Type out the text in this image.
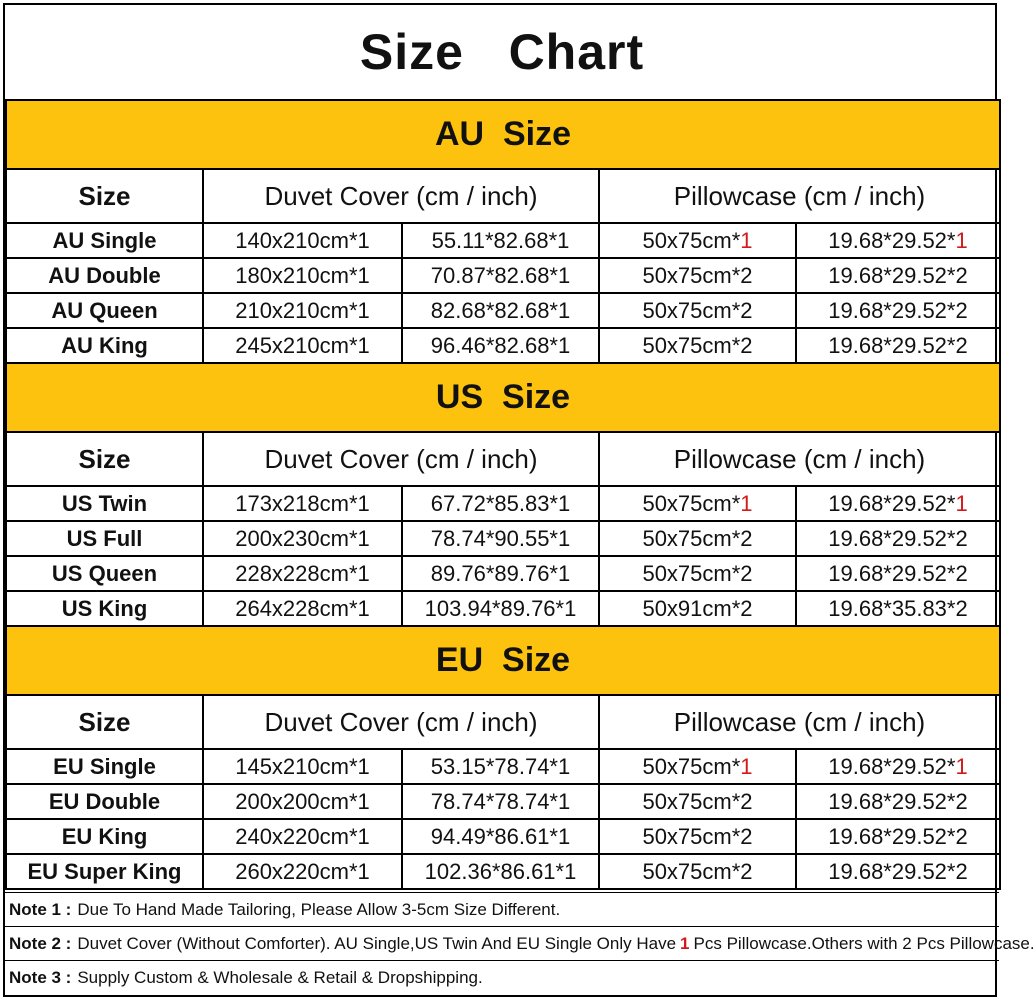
Size   Chart
AU  Size				
Size	Duvet Cover (cm / inch)		Pillowcase (cm / inch)	
AU Single	140x210cm*1	55.11*82.68*1	50x75cm*1	19.68*29.52*1
AU Double	180x210cm*1	70.87*82.68*1	50x75cm*2	19.68*29.52*2
AU Queen	210x210cm*1	82.68*82.68*1	50x75cm*2	19.68*29.52*2
AU King	245x210cm*1	96.46*82.68*1	50x75cm*2	19.68*29.52*2
US  Size				
Size	Duvet Cover (cm / inch)		Pillowcase (cm / inch)	
US Twin	173x218cm*1	67.72*85.83*1	50x75cm*1	19.68*29.52*1
US Full	200x230cm*1	78.74*90.55*1	50x75cm*2	19.68*29.52*2
US Queen	228x228cm*1	89.76*89.76*1	50x75cm*2	19.68*29.52*2
US King	264x228cm*1	103.94*89.76*1	50x91cm*2	19.68*35.83*2
EU  Size				
Size	Duvet Cover (cm / inch)		Pillowcase (cm / inch)	
EU Single	145x210cm*1	53.15*78.74*1	50x75cm*1	19.68*29.52*1
EU Double	200x200cm*1	78.74*78.74*1	50x75cm*2	19.68*29.52*2
EU King	240x220cm*1	94.49*86.61*1	50x75cm*2	19.68*29.52*2
EU Super King	260x220cm*1	102.36*86.61*1	50x75cm*2	19.68*29.52*2
Note 1 : Due To Hand Made Tailoring, Please Allow 3-5cm Size Different.
Note 2 : Duvet Cover (Without Comforter). AU Single,US Twin And EU Single Only Have 1 Pcs Pillowcase.Others with 2 Pcs Pillowcase.
Note 3 : Supply Custom & Wholesale & Retail & Dropshipping.
